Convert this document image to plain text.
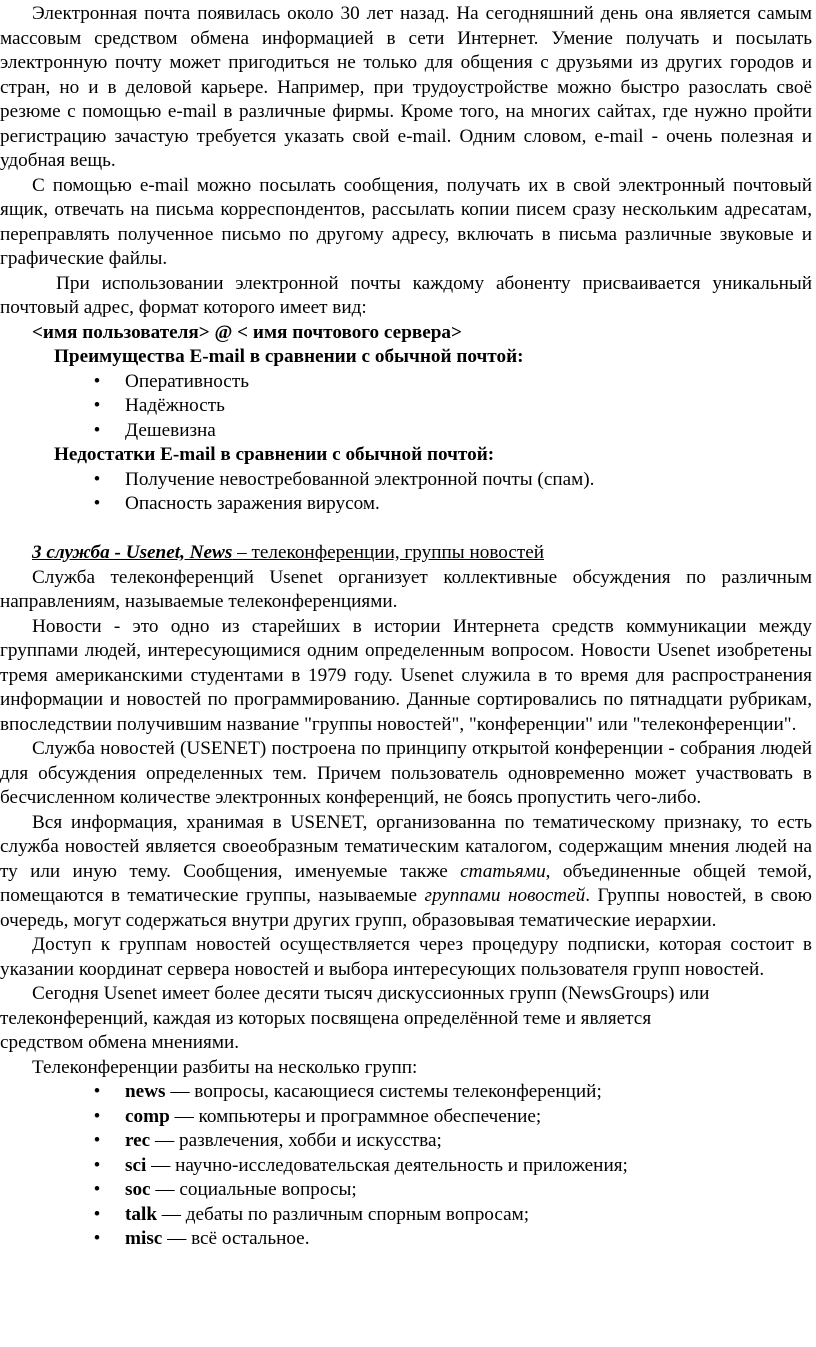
Электронная почта появилась около 30 лет назад. На сегодняшний день она является самым массовым средством обмена информацией в сети Интернет. Умение получать и посылать электронную почту может пригодиться не только для общения с друзьями из других городов и стран, но и в деловой карьере. Например, при трудоустройстве можно быстро разослать своё резюме с помощью e-mail в различные фирмы. Кроме того, на многих сайтах, где нужно пройти регистрацию зачастую требуется указать свой e-mail. Одним словом, e-mail - очень полезная и удобная вещь.

С помощью e-mail можно посылать сообщения, получать их в свой электронный почтовый ящик, отвечать на письма корреспондентов, рассылать копии писем сразу нескольким адресатам, переправлять полученное письмо по другому адресу, включать в письма различные звуковые и графические файлы.

При использовании электронной почты каждому абоненту присваивается уникальный почтовый адрес, формат которого имеет вид:

<имя пользователя> @ < имя почтового сервера>

Преимущества E-mail в сравнении с обычной почтой:

• Оперативность
• Надёжность
• Дешевизна

Недостатки E-mail в сравнении с обычной почтой:

• Получение невостребованной электронной почты (спам).
• Опасность заражения вирусом.

3 служба - Usenet, News – телеконференции, группы новостей

Служба телеконференций Usenet организует коллективные обсуждения по различным направлениям, называемые телеконференциями.

Новости - это одно из старейших в истории Интернета средств коммуникации между группами людей, интересующимися одним определенным вопросом. Новости Usenet изобретены тремя американскими студентами в 1979 году. Usenet служила в то время для распространения информации и новостей по программированию. Данные сортировались по пятнадцати рубрикам, впоследствии получившим название "группы новостей", "конференции" или "телеконференции".

Служба новостей (USENET) построена по принципу открытой конференции - собрания людей для обсуждения определенных тем. Причем пользователь одновременно может участвовать в бесчисленном количестве электронных конференций, не боясь пропустить чего-либо.

Вся информация, хранимая в USENET, организованна по тематическому признаку, то есть служба новостей является своеобразным тематическим каталогом, содержащим мнения людей на ту или иную тему. Сообщения, именуемые также статьями, объединенные общей темой, помещаются в тематические группы, называемые группами новостей. Группы новостей, в свою очередь, могут содержаться внутри других групп, образовывая тематические иерархии.

Доступ к группам новостей осуществляется через процедуру подписки, которая состоит в указании координат сервера новостей и выбора интересующих пользователя групп новостей.

Сегодня Usenet имеет более десяти тысяч дискуссионных групп (NewsGroups) или

телеконференций, каждая из которых посвящена определённой теме и является

средством обмена мнениями.

Телеконференции разбиты на несколько групп:

• news — вопросы, касающиеся системы телеконференций;
• comp — компьютеры и программное обеспечение;
• rec — развлечения, хобби и искусства;
• sci — научно-исследовательская деятельность и приложения;
• soc — социальные вопросы;
• talk — дебаты по различным спорным вопросам;
• misc — всё остальное.
